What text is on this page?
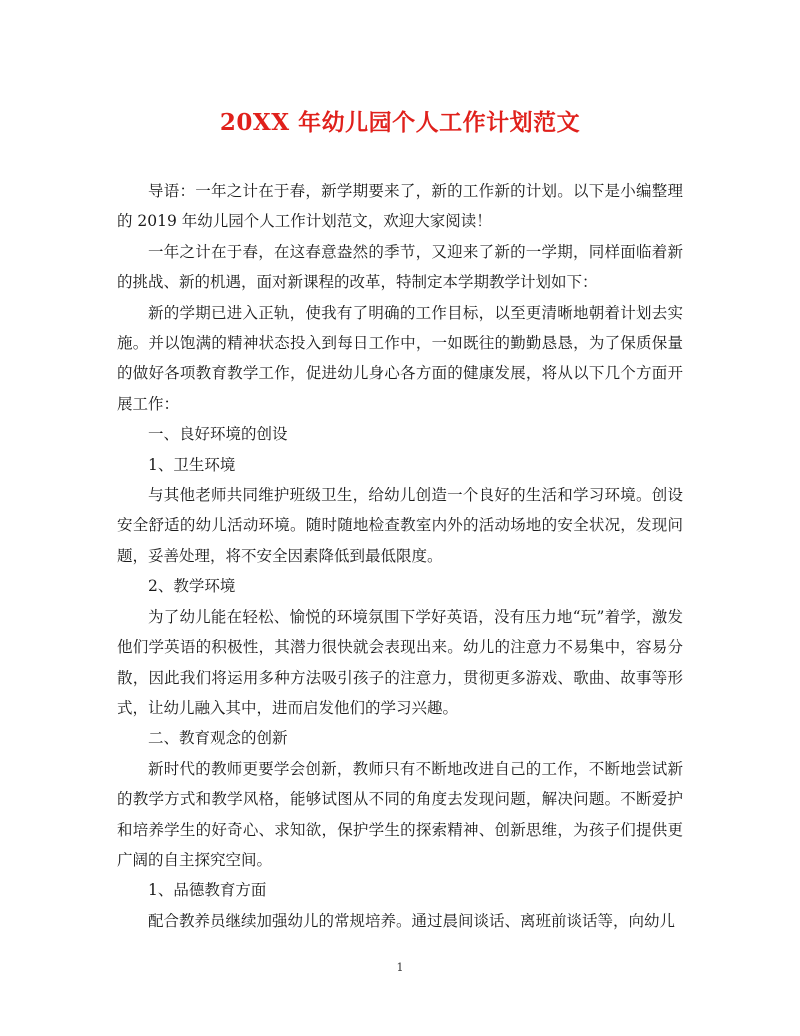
20XX 年幼儿园个人工作计划范文

导语：一年之计在于春，新学期要来了，新的工作新的计划。以下是小编整理的 2019 年幼儿园个人工作计划范文，欢迎大家阅读！

一年之计在于春，在这春意盎然的季节，又迎来了新的一学期，同样面临着新的挑战、新的机遇，面对新课程的改革，特制定本学期教学计划如下：

新的学期已进入正轨，使我有了明确的工作目标，以至更清晰地朝着计划去实施。并以饱满的精神状态投入到每日工作中，一如既往的勤勤恳恳，为了保质保量的做好各项教育教学工作，促进幼儿身心各方面的健康发展，将从以下几个方面开展工作：

一、良好环境的创设

1、卫生环境

与其他老师共同维护班级卫生，给幼儿创造一个良好的生活和学习环境。创设安全舒适的幼儿活动环境。随时随地检查教室内外的活动场地的安全状况，发现问题，妥善处理，将不安全因素降低到最低限度。

2、教学环境

为了幼儿能在轻松、愉悦的环境氛围下学好英语，没有压力地“玩”着学，激发他们学英语的积极性，其潜力很快就会表现出来。幼儿的注意力不易集中，容易分散，因此我们将运用多种方法吸引孩子的注意力，贯彻更多游戏、歌曲、故事等形式，让幼儿融入其中，进而启发他们的学习兴趣。

二、教育观念的创新

新时代的教师更要学会创新，教师只有不断地改进自己的工作，不断地尝试新的教学方式和教学风格，能够试图从不同的角度去发现问题，解决问题。不断爱护和培养学生的好奇心、求知欲，保护学生的探索精神、创新思维，为孩子们提供更广阔的自主探究空间。

1、品德教育方面

配合教养员继续加强幼儿的常规培养。通过晨间谈话、离班前谈话等，向幼儿

1
